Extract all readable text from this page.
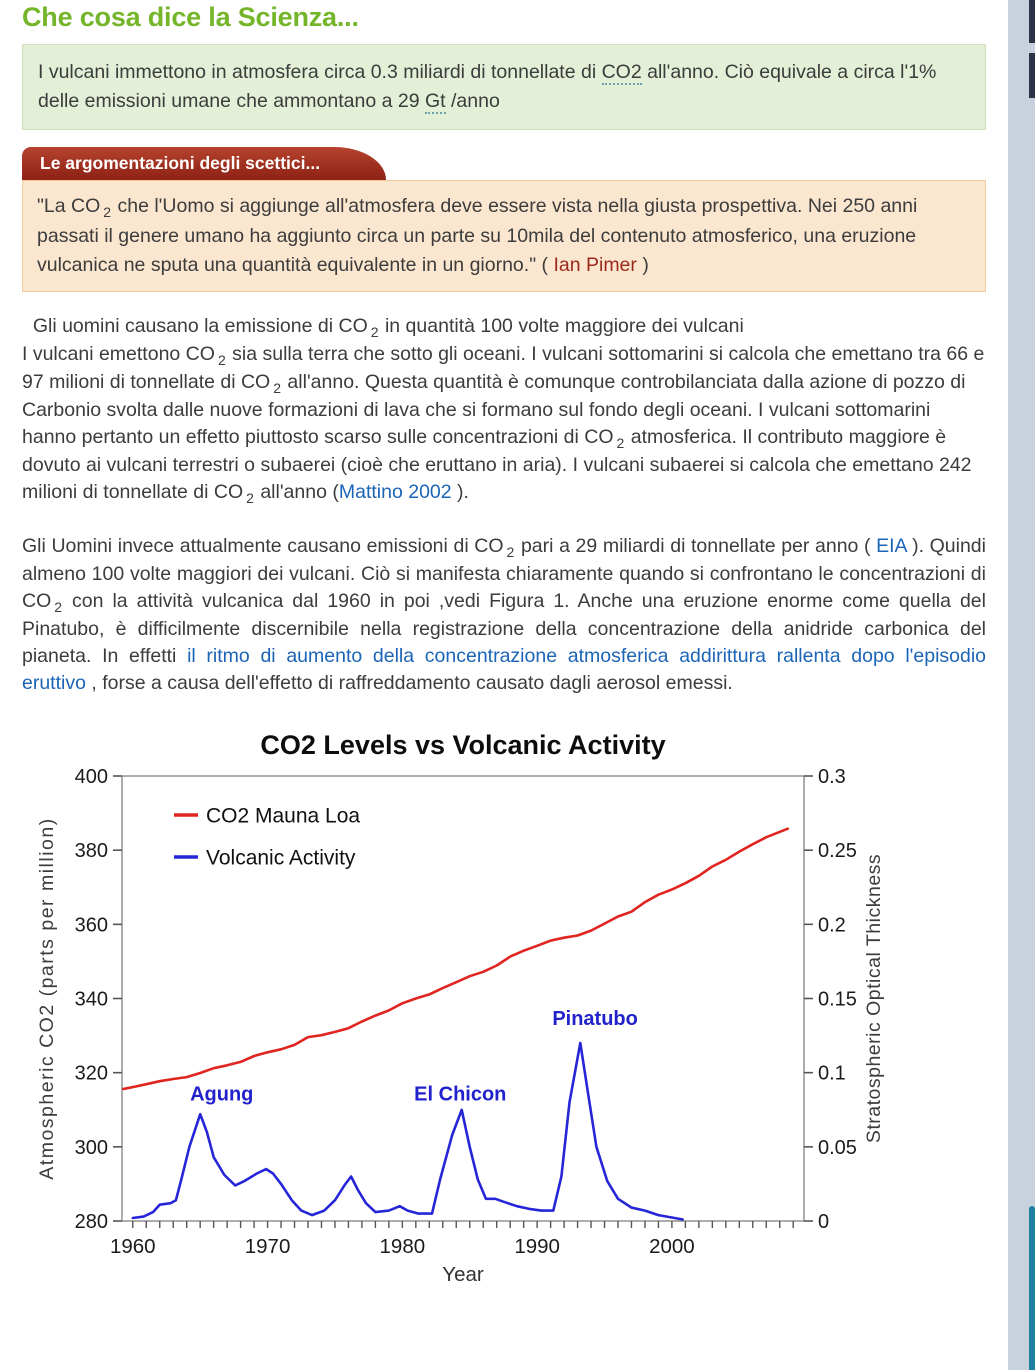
Che cosa dice la Scienza...
I vulcani immettono in atmosfera circa 0.3 miliardi di tonnellate di CO2 all'anno. Ciò equivale a circa l'1% delle emissioni umane che ammontano a 29 Gt /anno
Le argomentazioni degli scettici...
"La CO $_2$ che l'Uomo si aggiunge all'atmosfera deve essere vista nella giusta prospettiva. Nei 250 anni passati il genere umano ha aggiunto circa un parte su 10mila del contenuto atmosferico, una eruzione vulcanica ne sputa una quantità equivalente in un giorno." ( Ian Pimer )

Gli uomini causano la emissione di CO $_2$ in quantità 100 volte maggiore dei vulcani
I vulcani emettono CO $_2$ sia sulla terra che sotto gli oceani. I vulcani sottomarini si calcola che emettano tra 66 e 97 milioni di tonnellate di CO $_2$ all'anno. Questa quantità è comunque controbilanciata dalla azione di pozzo di Carbonio svolta dalle nuove formazioni di lava che si formano sul fondo degli oceani. I vulcani sottomarini hanno pertanto un effetto piuttosto scarso sulle concentrazioni di CO $_2$ atmosferica. Il contributo maggiore è dovuto ai vulcani terrestri o subaerei (cioè che eruttano in aria). I vulcani subaerei si calcola che emettano 242 milioni di tonnellate di CO $_2$ all'anno (Mattino 2002 ).

Gli Uomini invece attualmente causano emissioni di CO $_2$ pari a 29 miliardi di tonnellate per anno ( EIA ). Quindi almeno 100 volte maggiori dei vulcani. Ciò si manifesta chiaramente quando si confrontano le concentrazioni di CO $_2$ con la attività vulcanica dal 1960 in poi ,vedi Figura 1. Anche una eruzione enorme come quella del Pinatubo, è difficilmente discernibile nella registrazione della concentrazione della anidride carbonica del pianeta. In effetti il ritmo di aumento della concentrazione atmosferica addirittura rallenta dopo l'episodio eruttivo , forse a causa dell'effetto di raffreddamento causato dagli aerosol emessi.

280
300
320
340
360
380
400
0
0.05
0.1
0.15
0.2
0.25
0.3
1960	1970	1980	1990	2000
CO2 Mauna Loa
Volcanic Activity
Agung	El Chicon
Pinatubo
CO2 Levels vs Volcanic Activity
Year
Atmospheric CO2 (parts per million)	Stratospheric Optical Thickness
